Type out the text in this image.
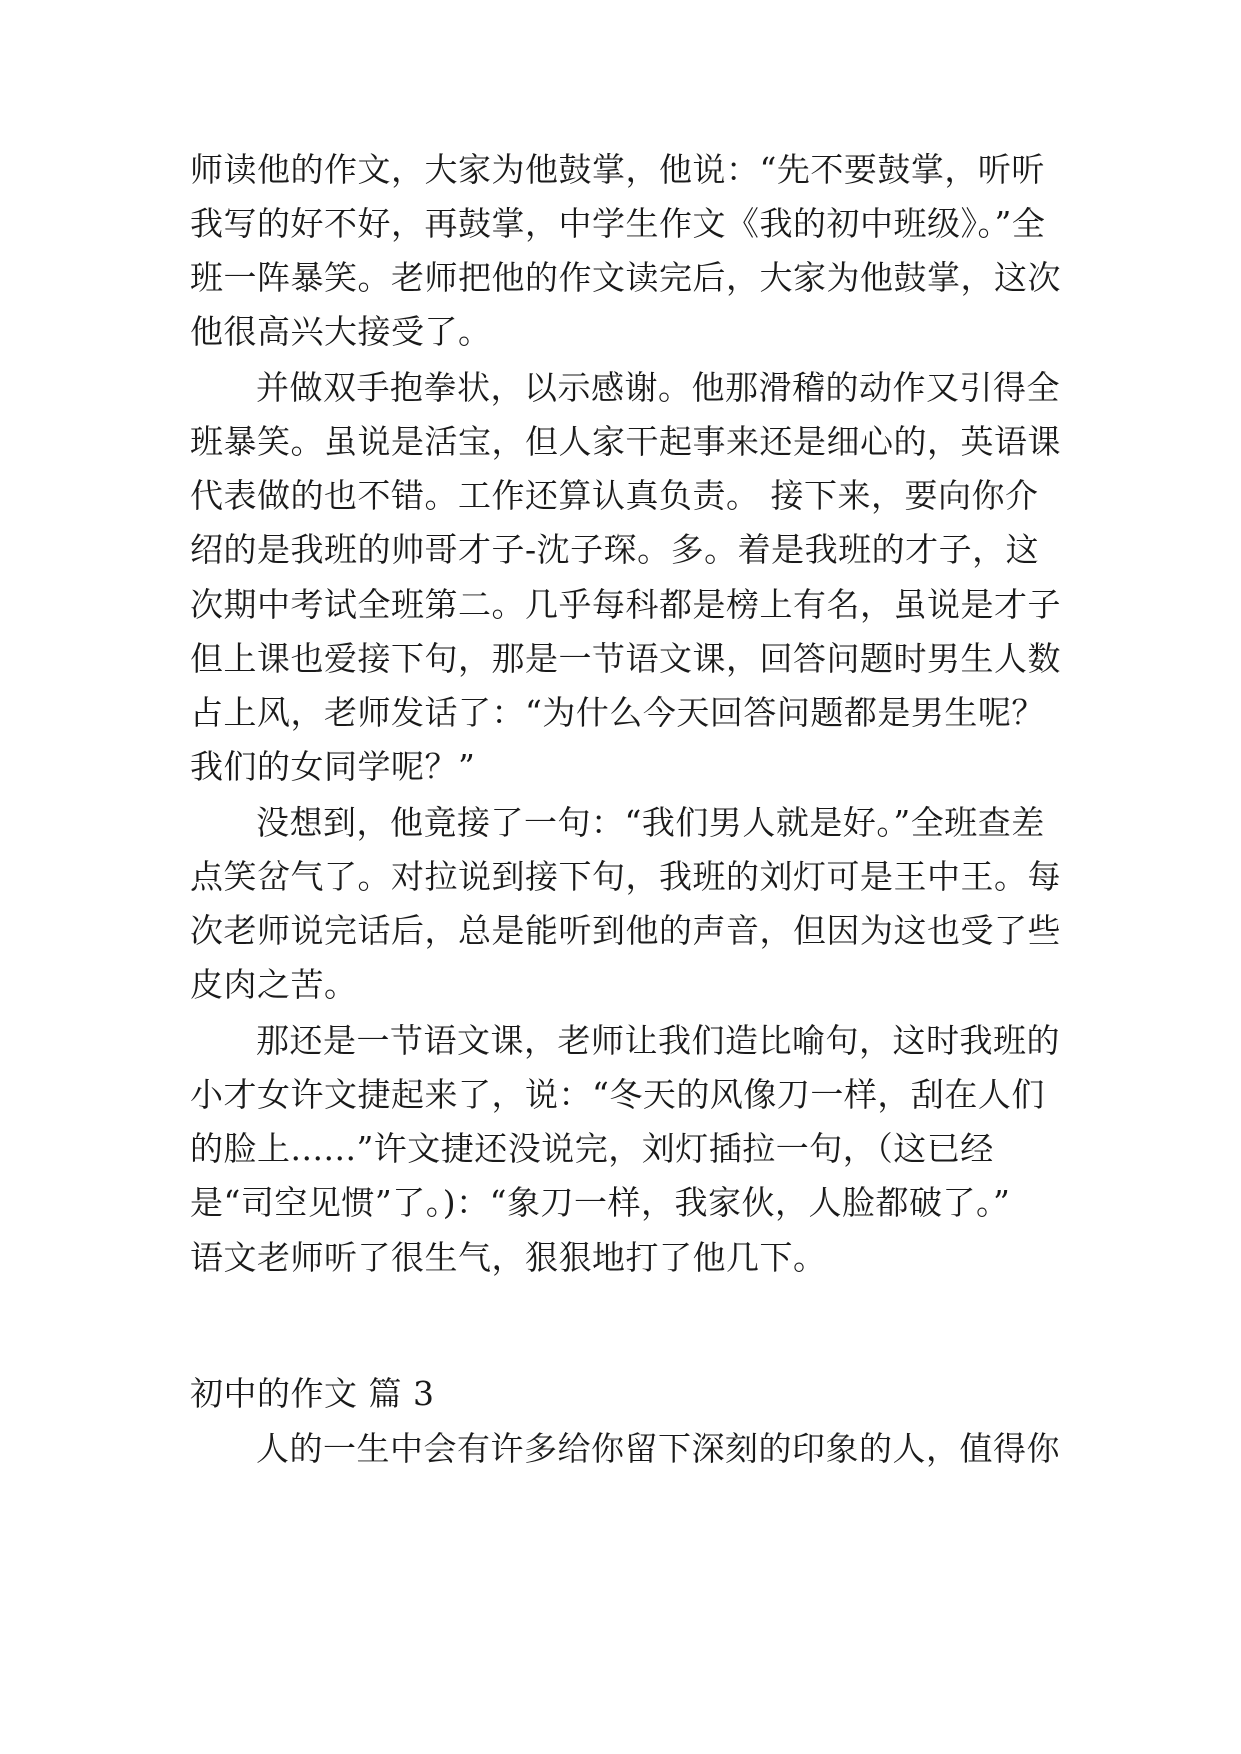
师读他的作文，大家为他鼓掌，他说：“先不要鼓掌，听听
我写的好不好，再鼓掌，中学生作文《我的初中班级》。”全
班一阵暴笑。老师把他的作文读完后，大家为他鼓掌，这次
他很高兴大接受了。
并做双手抱拳状，以示感谢。他那滑稽的动作又引得全
班暴笑。虽说是活宝，但人家干起事来还是细心的，英语课
代表做的也不错。工作还算认真负责。 接下来，要向你介
绍的是我班的帅哥才子-沈子琛。多。着是我班的才子，这
次期中考试全班第二。几乎每科都是榜上有名，虽说是才子
但上课也爱接下句，那是一节语文课，回答问题时男生人数
占上风，老师发话了：“为什么今天回答问题都是男生呢？
我们的女同学呢？”
没想到，他竟接了一句：“我们男人就是好。”全班查差
点笑岔气了。对拉说到接下句，我班的刘灯可是王中王。每
次老师说完话后，总是能听到他的声音，但因为这也受了些
皮肉之苦。
那还是一节语文课，老师让我们造比喻句，这时我班的
小才女许文捷起来了，说：“冬天的风像刀一样，刮在人们
的脸上......”许文捷还没说完，刘灯插拉一句，（这已经
是“司空见惯”了。)：“象刀一样，我家伙，人脸都破了。”
语文老师听了很生气，狠狠地打了他几下。
初中的作文 篇 3
人的一生中会有许多给你留下深刻的印象的人，值得你
